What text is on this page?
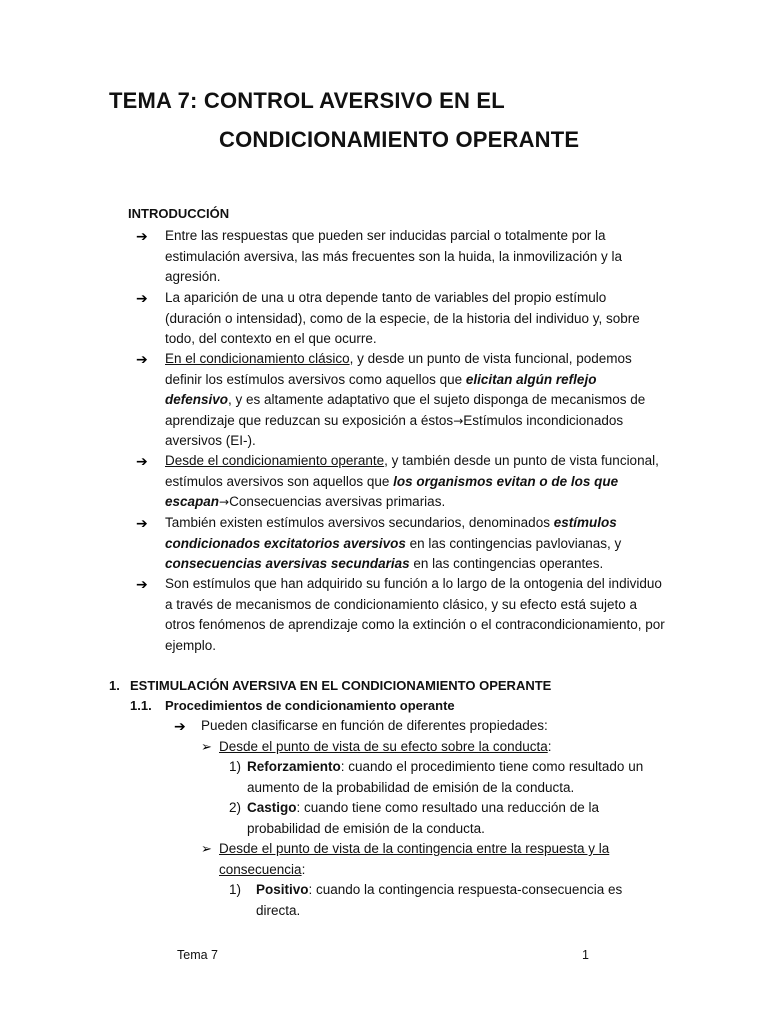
TEMA 7: CONTROL AVERSIVO EN EL
CONDICIONAMIENTO OPERANTE
INTRODUCCIÓN
➔	Entre las respuestas que pueden ser inducidas parcial o totalmente por la estimulación aversiva, las más frecuentes son la huida, la inmovilización y la agresión.
➔	La aparición de una u otra depende tanto de variables del propio estímulo (duración o intensidad), como de la especie, de la historia del individuo y, sobre todo, del contexto en el que ocurre.
➔	En el condicionamiento clásico, y desde un punto de vista funcional, podemos definir los estímulos aversivos como aquellos que elicitan algún reflejo defensivo, y es altamente adaptativo que el sujeto disponga de mecanismos de aprendizaje que reduzcan su exposición a éstos→Estímulos incondicionados aversivos (EI-).
➔	Desde el condicionamiento operante, y también desde un punto de vista funcional, estímulos aversivos son aquellos que los organismos evitan o de los que escapan→Consecuencias aversivas primarias.
➔	También existen estímulos aversivos secundarios, denominados estímulos condicionados excitatorios aversivos en las contingencias pavlovianas, y consecuencias aversivas secundarias en las contingencias operantes.
➔	Son estímulos que han adquirido su función a lo largo de la ontogenia del individuo a través de mecanismos de condicionamiento clásico, y su efecto está sujeto a otros fenómenos de aprendizaje como la extinción o el contracondicionamiento, por ejemplo.
1. ESTIMULACIÓN AVERSIVA EN EL CONDICIONAMIENTO OPERANTE
1.1. Procedimientos de condicionamiento operante
➔	Pueden clasificarse en función de diferentes propiedades:
➢ Desde el punto de vista de su efecto sobre la conducta:
1) Reforzamiento: cuando el procedimiento tiene como resultado un aumento de la probabilidad de emisión de la conducta.
2) Castigo: cuando tiene como resultado una reducción de la probabilidad de emisión de la conducta.
➢ Desde el punto de vista de la contingencia entre la respuesta y la consecuencia:
1) Positivo: cuando la contingencia respuesta-consecuencia es directa.
Tema 7	1
